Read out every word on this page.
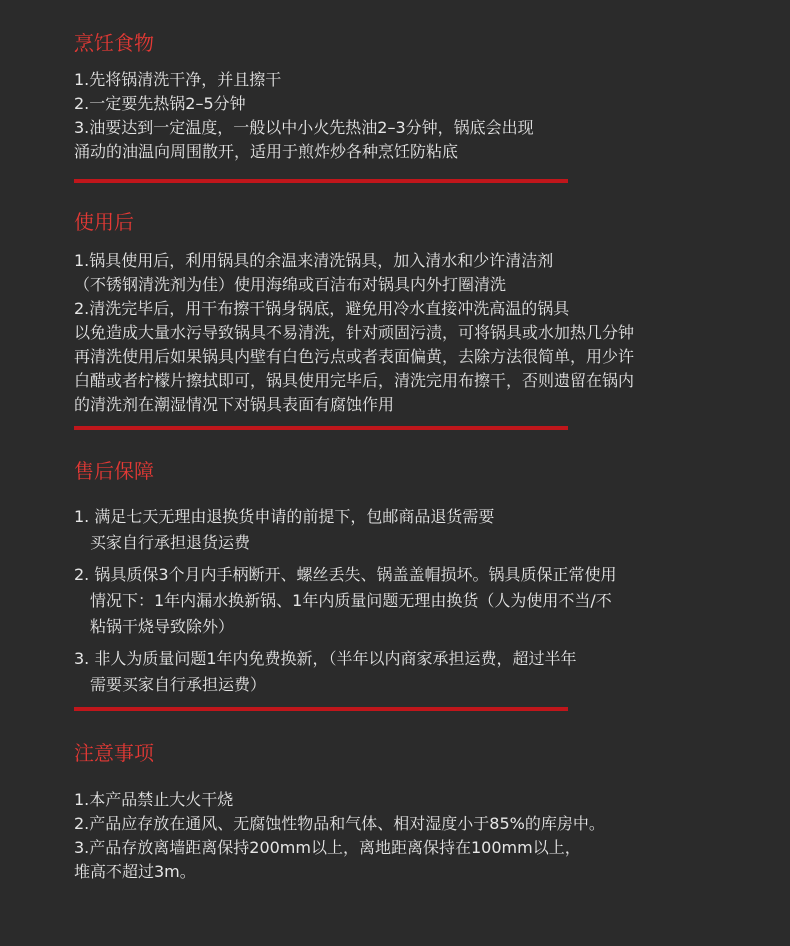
烹饪食物
1.先将锅清洗干净，并且擦干
2.一定要先热锅2–5分钟
3.油要达到一定温度，一般以中小火先热油2–3分钟，锅底会出现
涌动的油温向周围散开，适用于煎炸炒各种烹饪防粘底
使用后
1.锅具使用后，利用锅具的余温来清洗锅具，加入清水和少许清洁剂
（不锈钢清洗剂为佳）使用海绵或百洁布对锅具内外打圈清洗
2.清洗完毕后，用干布擦干锅身锅底，避免用冷水直接冲洗高温的锅具
以免造成大量水污导致锅具不易清洗，针对顽固污渍，可将锅具或水加热几分钟
再清洗使用后如果锅具内壁有白色污点或者表面偏黄，去除方法很简单，用少许
白醋或者柠檬片擦拭即可，锅具使用完毕后，清洗完用布擦干，否则遗留在锅内
的清洗剂在潮湿情况下对锅具表面有腐蚀作用
售后保障
1. 满足七天无理由退换货申请的前提下，包邮商品退货需要
买家自行承担退货运费
2. 锅具质保3个月内手柄断开、螺丝丢失、锅盖盖帽损坏。锅具质保正常使用
情况下：1年内漏水换新锅、1年内质量问题无理由换货（人为使用不当/不
粘锅干烧导致除外）
3. 非人为质量问题1年内免费换新，（半年以内商家承担运费，超过半年
需要买家自行承担运费）
注意事项
1.本产品禁止大火干烧
2.产品应存放在通风、无腐蚀性物品和气体、相对湿度小于85%的库房中。
3.产品存放离墙距离保持200mm以上，离地距离保持在100mm以上，
堆高不超过3m。
